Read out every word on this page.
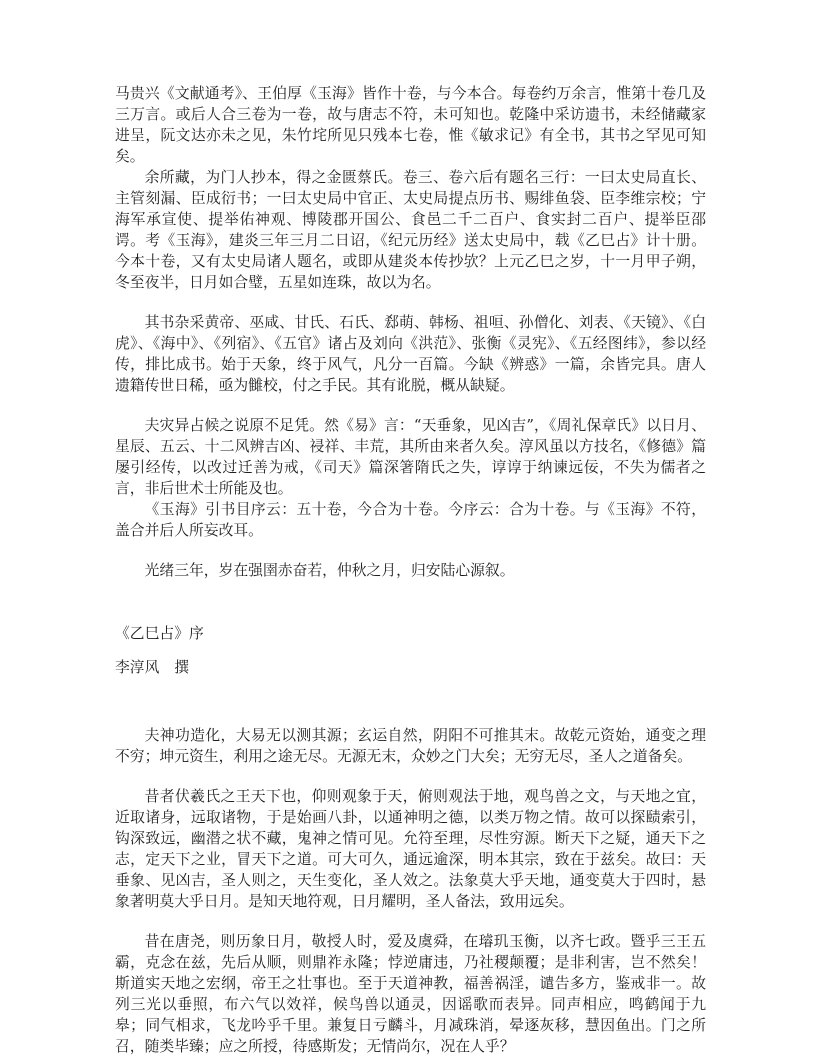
马贵兴《文献通考》、王伯厚《玉海》皆作十卷，与今本合。每卷约万余言，惟第十卷几及三万言。或后人合三卷为一卷，故与唐志不符，未可知也。乾隆中采访遗书，未经储藏家进呈，阮文达亦未之见，朱竹垞所见只残本七卷，惟《敏求记》有全书，其书之罕见可知矣。

余所藏，为门人抄本，得之金匮蔡氏。卷三、卷六后有题名三行：一曰太史局直长、主管刻漏、臣成衍书；一曰太史局中官正、太史局提点历书、赐绯鱼袋、臣李维宗校；宁海军承宣使、提举佑神观、博陵郡开国公、食邑二千二百户、食实封二百户、提举臣邵谔。考《玉海》，建炎三年三月二日诏，《纪元历经》送太史局中，载《乙巳占》计十册。今本十卷，又有太史局诸人题名，或即从建炎本传抄欤？上元乙巳之岁，十一月甲子朔，冬至夜半，日月如合璧，五星如连珠，故以为名。

其书杂采黄帝、巫咸、甘氏、石氏、郄萌、韩杨、祖咺、孙僧化、刘表、《天镜》、《白虎》、《海中》、《列宿》、《五官》诸占及刘向《洪范》、张衡《灵宪》、《五经图纬》，参以经传，排比成书。始于天象，终于风气，凡分一百篇。今缺《辨惑》一篇，余皆完具。唐人遗籍传世日稀，亟为雠校，付之手民。其有讹脱，概从缺疑。

夫灾异占候之说原不足凭。然《易》言：“天垂象，见凶吉”，《周礼保章氏》以日月、星辰、五云、十二风辨吉凶、祲祥、丰荒，其所由来者久矣。淳风虽以方技名，《修德》篇屡引经传，以改过迁善为戒，《司天》篇深箸隋氏之失，谆谆于纳谏远佞，不失为儒者之言，非后世术士所能及也。

《玉海》引书目序云：五十卷，今合为十卷。今序云：合为十卷。与《玉海》不符，盖合并后人所妄改耳。

光绪三年，岁在强圉赤奋若，仲秋之月，归安陆心源叙。

《乙巳占》序

李淳风　撰

夫神功造化，大易无以测其源；玄运自然，阴阳不可推其末。故乾元资始，通变之理不穷；坤元资生，利用之途无尽。无源无末，众妙之门大矣；无穷无尽，圣人之道备矣。

昔者伏羲氏之王天下也，仰则观象于天，俯则观法于地，观鸟兽之文，与天地之宜，近取诸身，远取诸物，于是始画八卦，以通神明之德，以类万物之情。故可以探赜索引，钩深致远，幽潜之状不藏，鬼神之情可见。允符至理，尽性穷源。断天下之疑，通天下之志，定天下之业，冒天下之道。可大可久，通远逾深，明本其宗，致在于兹矣。故曰：天垂象、见凶吉，圣人则之，天生变化，圣人效之。法象莫大乎天地，通变莫大于四时，悬象著明莫大乎日月。是知天地符观，日月耀明，圣人备法，致用远矣。

昔在唐尧，则历象日月，敬授人时，爱及虞舜，在璿玑玉衡，以齐七政。暨乎三王五霸，克念在兹，先后从顺，则鼎祚永隆；悖逆庸违，乃社稷颠覆；是非利害，岂不然矣！斯道实天地之宏纲，帝王之壮事也。至于天道神教，福善祸淫，谴告多方，鉴戒非一。故列三光以垂照，布六气以效祥，候鸟兽以通灵，因谣歌而表异。同声相应，鸣鹤闻于九皋；同气相求，飞龙吟乎千里。兼复日亏麟斗，月减珠消，晕逐灰移，慧因鱼出。门之所召，随类毕臻；应之所授，待感斯发；无情尚尔，况在人乎？
